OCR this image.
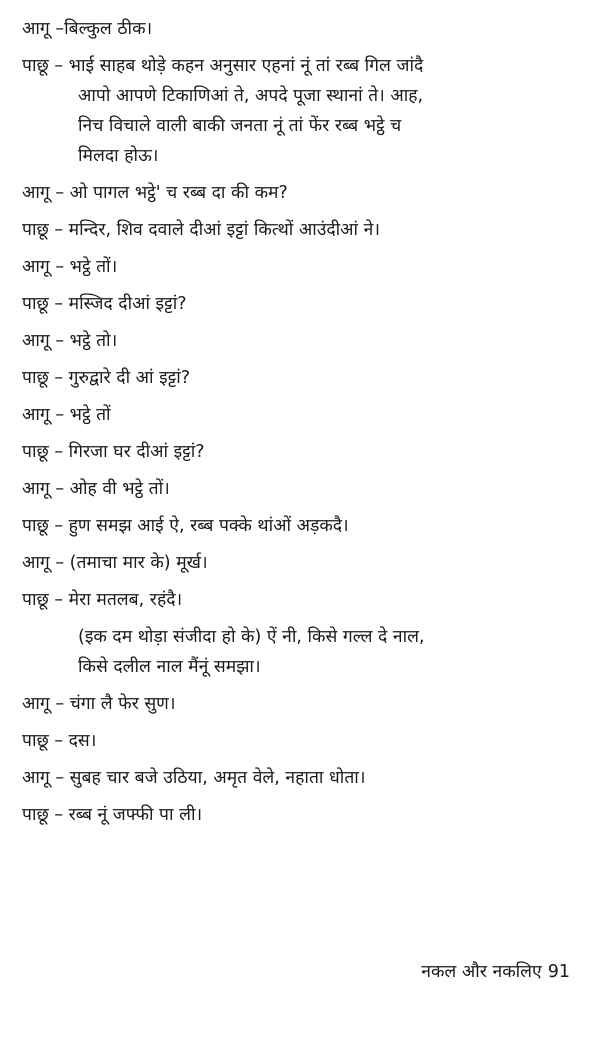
आगू –बिल्कुल ठीक।
पाछू – भाई साहब थोड़े कहन अनुसार एहनां नूं तां रब्ब गिल जांदै
आपो आपणे टिकाणिआं ते, अपदे पूजा स्थानां ते। आह,
निच विचाले वाली बाकी जनता नूं तां फेंर रब्ब भट्ठे च
मिलदा होऊ।
आगू – ओ पागल भट्ठे' च रब्ब दा की कम?
पाछू – मन्दिर, शिव दवाले दीआं इट्टां कित्थों आउंदीआं ने।
आगू – भट्ठे तों।
पाछू – मस्जिद दीआं इट्टां?
आगू – भट्ठे तो।
पाछू – गुरुद्वारे दी आं इट्टां?
आगू – भट्ठे तों
पाछू – गिरजा घर दीआं इट्टां?
आगू – ओह वी भट्ठे तों।
पाछू – हुण समझ आई ऐ, रब्ब पक्के थांओं अड़कदै।
आगू – (तमाचा मार के) मूर्ख।
पाछू – मेरा मतलब, रहंदै।
(इक दम थोड़ा संजीदा हो के) ऐं नी, किसे गल्ल दे नाल,
किसे दलील नाल मैंनूं समझा।
आगू – चंगा लै फेर सुण।
पाछू – दस।
आगू – सुबह चार बजे उठिया, अमृत वेले, नहाता धोता।
पाछू – रब्ब नूं जफ्फी पा ली।
नकल और नकलिए 91
